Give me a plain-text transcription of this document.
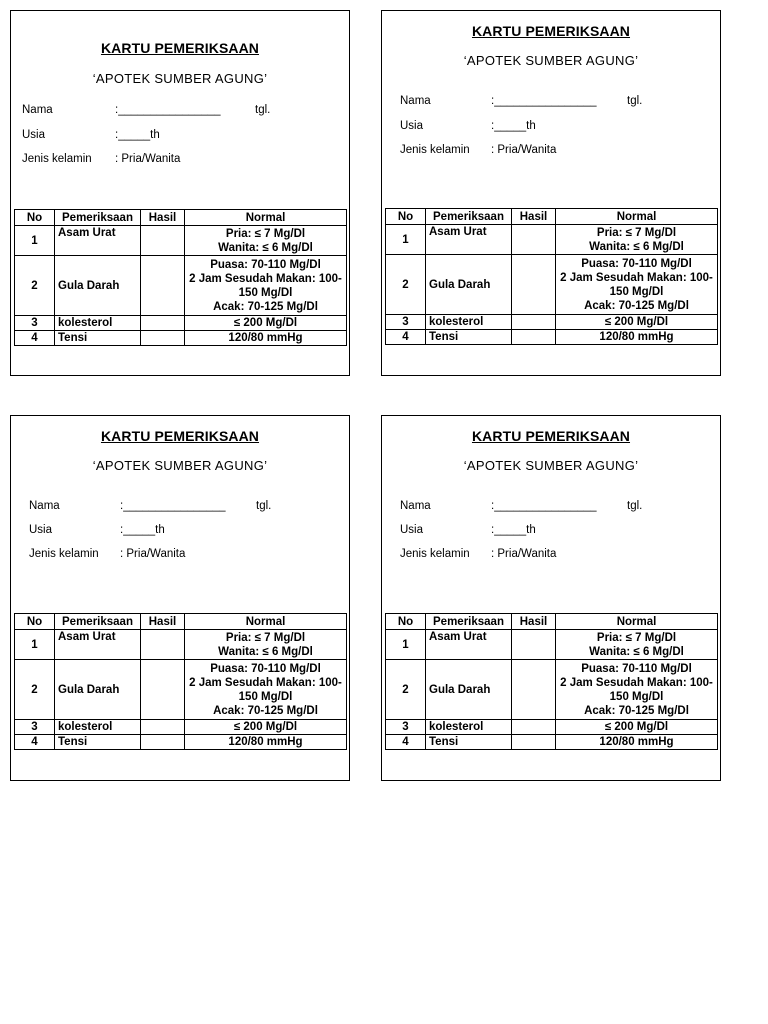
KARTU PEMERIKSAAN
‘APOTEK SUMBER AGUNG’
Nama	:________________	tgl.
Usia	:_____th
Jenis kelamin : Pria/Wanita
No	Pemeriksaan	Hasil	Normal
1	Asam Urat		Pria: ≤ 7 Mg/Dl
Wanita: ≤ 6 Mg/Dl

2	Gula Darah		Puasa: 70-110 Mg/Dl
2 Jam Sesudah Makan: 100-
150 Mg/Dl
Acak: 70-125 Mg/Dl

3	kolesterol		≤ 200 Mg/Dl

4	Tensi		120/80 mmHg
KARTU PEMERIKSAAN
‘APOTEK SUMBER AGUNG’
Nama	:________________	tgl.
Usia	:_____th
Jenis kelamin : Pria/Wanita
No	Pemeriksaan	Hasil	Normal
1	Asam Urat		Pria: ≤ 7 Mg/Dl
Wanita: ≤ 6 Mg/Dl

2	Gula Darah		Puasa: 70-110 Mg/Dl
2 Jam Sesudah Makan: 100-
150 Mg/Dl
Acak: 70-125 Mg/Dl

3	kolesterol		≤ 200 Mg/Dl

4	Tensi		120/80 mmHg
KARTU PEMERIKSAAN
‘APOTEK SUMBER AGUNG’
Nama	:________________	tgl.
Usia	:_____th
Jenis kelamin : Pria/Wanita
No	Pemeriksaan	Hasil	Normal
1	Asam Urat		Pria: ≤ 7 Mg/Dl
Wanita: ≤ 6 Mg/Dl

2	Gula Darah		Puasa: 70-110 Mg/Dl
2 Jam Sesudah Makan: 100-
150 Mg/Dl
Acak: 70-125 Mg/Dl

3	kolesterol		≤ 200 Mg/Dl

4	Tensi		120/80 mmHg
KARTU PEMERIKSAAN
‘APOTEK SUMBER AGUNG’
Nama	:________________	tgl.
Usia	:_____th
Jenis kelamin : Pria/Wanita
No	Pemeriksaan	Hasil	Normal
1	Asam Urat		Pria: ≤ 7 Mg/Dl
Wanita: ≤ 6 Mg/Dl

2	Gula Darah		Puasa: 70-110 Mg/Dl
2 Jam Sesudah Makan: 100-
150 Mg/Dl
Acak: 70-125 Mg/Dl

3	kolesterol		≤ 200 Mg/Dl

4	Tensi		120/80 mmHg
